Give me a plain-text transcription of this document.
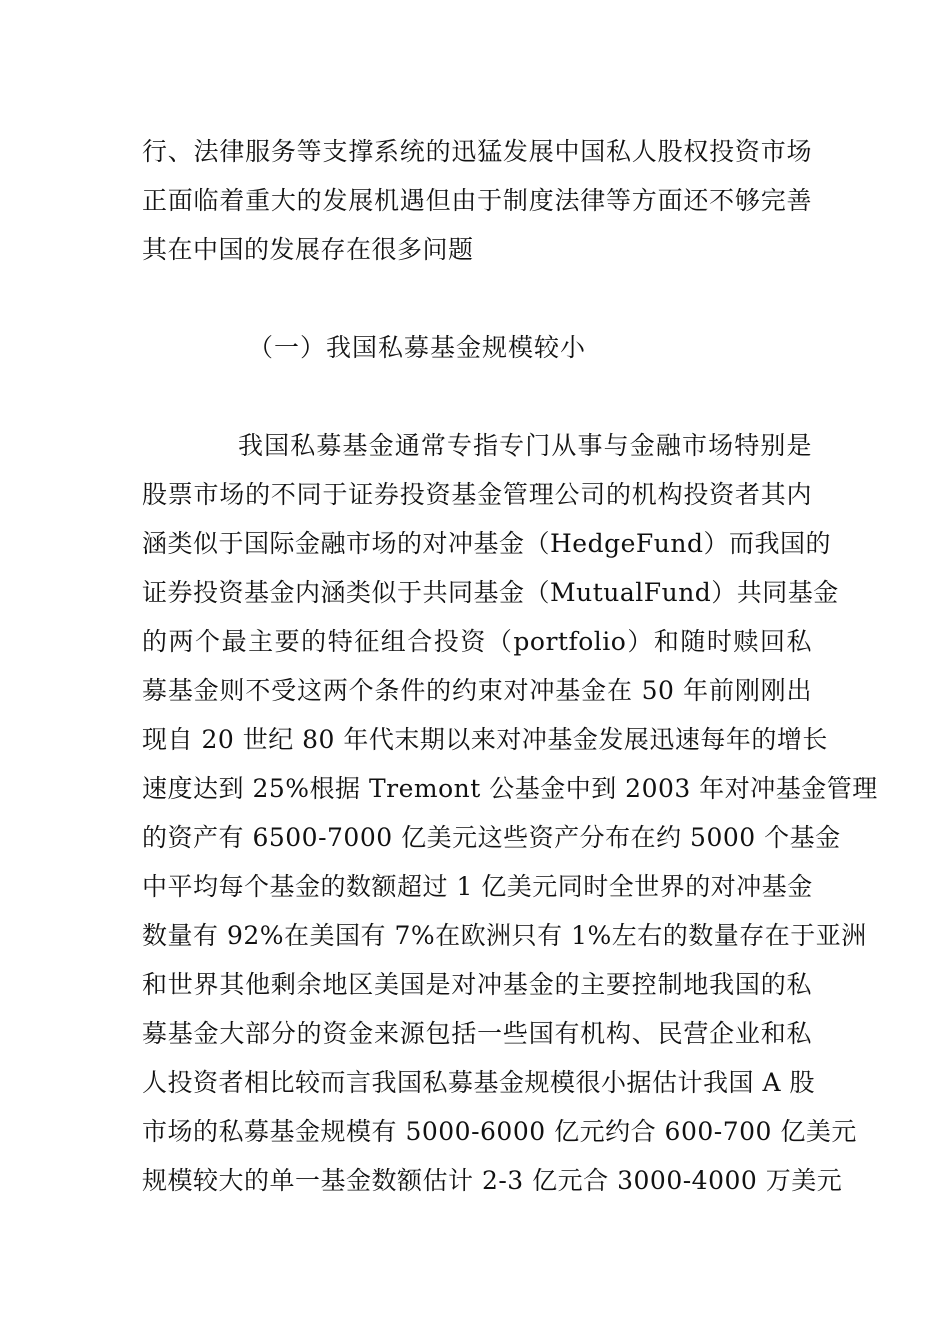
行、法律服务等支撑系统的迅猛发展中国私人股权投资市场
正面临着重大的发展机遇但由于制度法律等方面还不够完善
其在中国的发展存在很多问题
（一）我国私募基金规模较小
我国私募基金通常专指专门从事与金融市场特别是
股票市场的不同于证券投资基金管理公司的机构投资者其内
涵类似于国际金融市场的对冲基金（HedgeFund）而我国的
证券投资基金内涵类似于共同基金（MutualFund）共同基金
的两个最主要的特征组合投资（portfolio）和随时赎回私
募基金则不受这两个条件的约束对冲基金在 50 年前刚刚出
现自 20 世纪 80 年代末期以来对冲基金发展迅速每年的增长
速度达到 25%根据 Tremont 公基金中到 2003 年对冲基金管理
的资产有 6500-7000 亿美元这些资产分布在约 5000 个基金
中平均每个基金的数额超过 1 亿美元同时全世界的对冲基金
数量有 92%在美国有 7%在欧洲只有 1%左右的数量存在于亚洲
和世界其他剩余地区美国是对冲基金的主要控制地我国的私
募基金大部分的资金来源包括一些国有机构、民营企业和私
人投资者相比较而言我国私募基金规模很小据估计我国 A 股
市场的私募基金规模有 5000-6000 亿元约合 600-700 亿美元
规模较大的单一基金数额估计 2-3 亿元合 3000-4000 万美元
